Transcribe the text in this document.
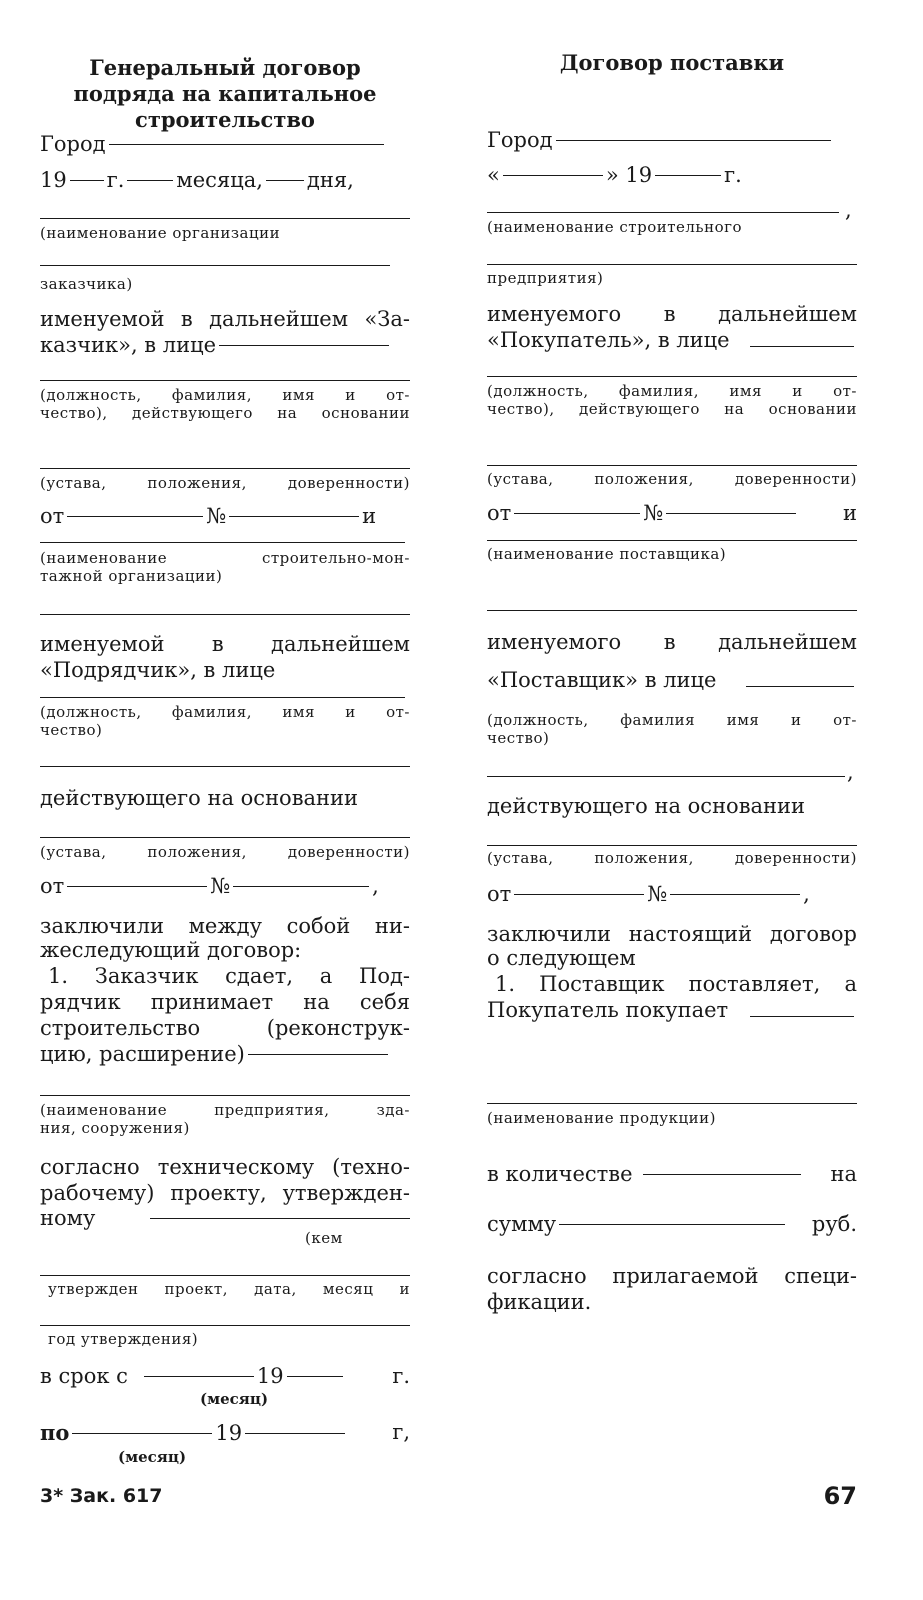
Генеральный договор подряда на капитальное строительство
Город
19 г. месяца, дня,
(наименование организации
заказчика)
именуемой в дальнейшем «За-
казчик», в лице
(должность, фамилия, имя и от-
чество), действующего на основании
(устава, положения, доверенности)
от	№	и
(наименование строительно-мон-
тажной организации)
именуемой в дальнейшем
«Подрядчик», в лице
(должность, фамилия, имя и от-
чество)
действующего на основании
(устава, положения, доверенности)
от	№	,
заключили между собой ни-
жеследующий договор:
1. Заказчик сдает, а Под-
рядчик принимает на себя
строительство (реконструк-
цию, расширение)
(наименование предприятия, зда-
ния, сооружения)
согласно техническому (техно-
рабочему) проекту, утвержден-
ному
(кем
утвержден проект, дата, месяц и
год утверждения)
в срок с	19	г.
(месяц)
по	19	г,
(месяц)
3* Зак. 617
Договор поставки
Город
«	» 19	г.
,
(наименование строительного
предприятия)
именуемого в дальнейшем
«Покупатель», в лице
(должность, фамилия, имя и от-
чество), действующего на основании
(устава, положения, доверенности)
от	№	и
(наименование поставщика)
именуемого в дальнейшем
«Поставщик» в лице
(должность, фамилия имя и от-
чество)
,
действующего на основании
(устава, положения, доверенности)
от	№	,
заключили настоящий договор
о следующем
1. Поставщик поставляет, а
Покупатель покупает
(наименование продукции)
в количестве	на
сумму	руб.
согласно прилагаемой специ-
фикации.
67
